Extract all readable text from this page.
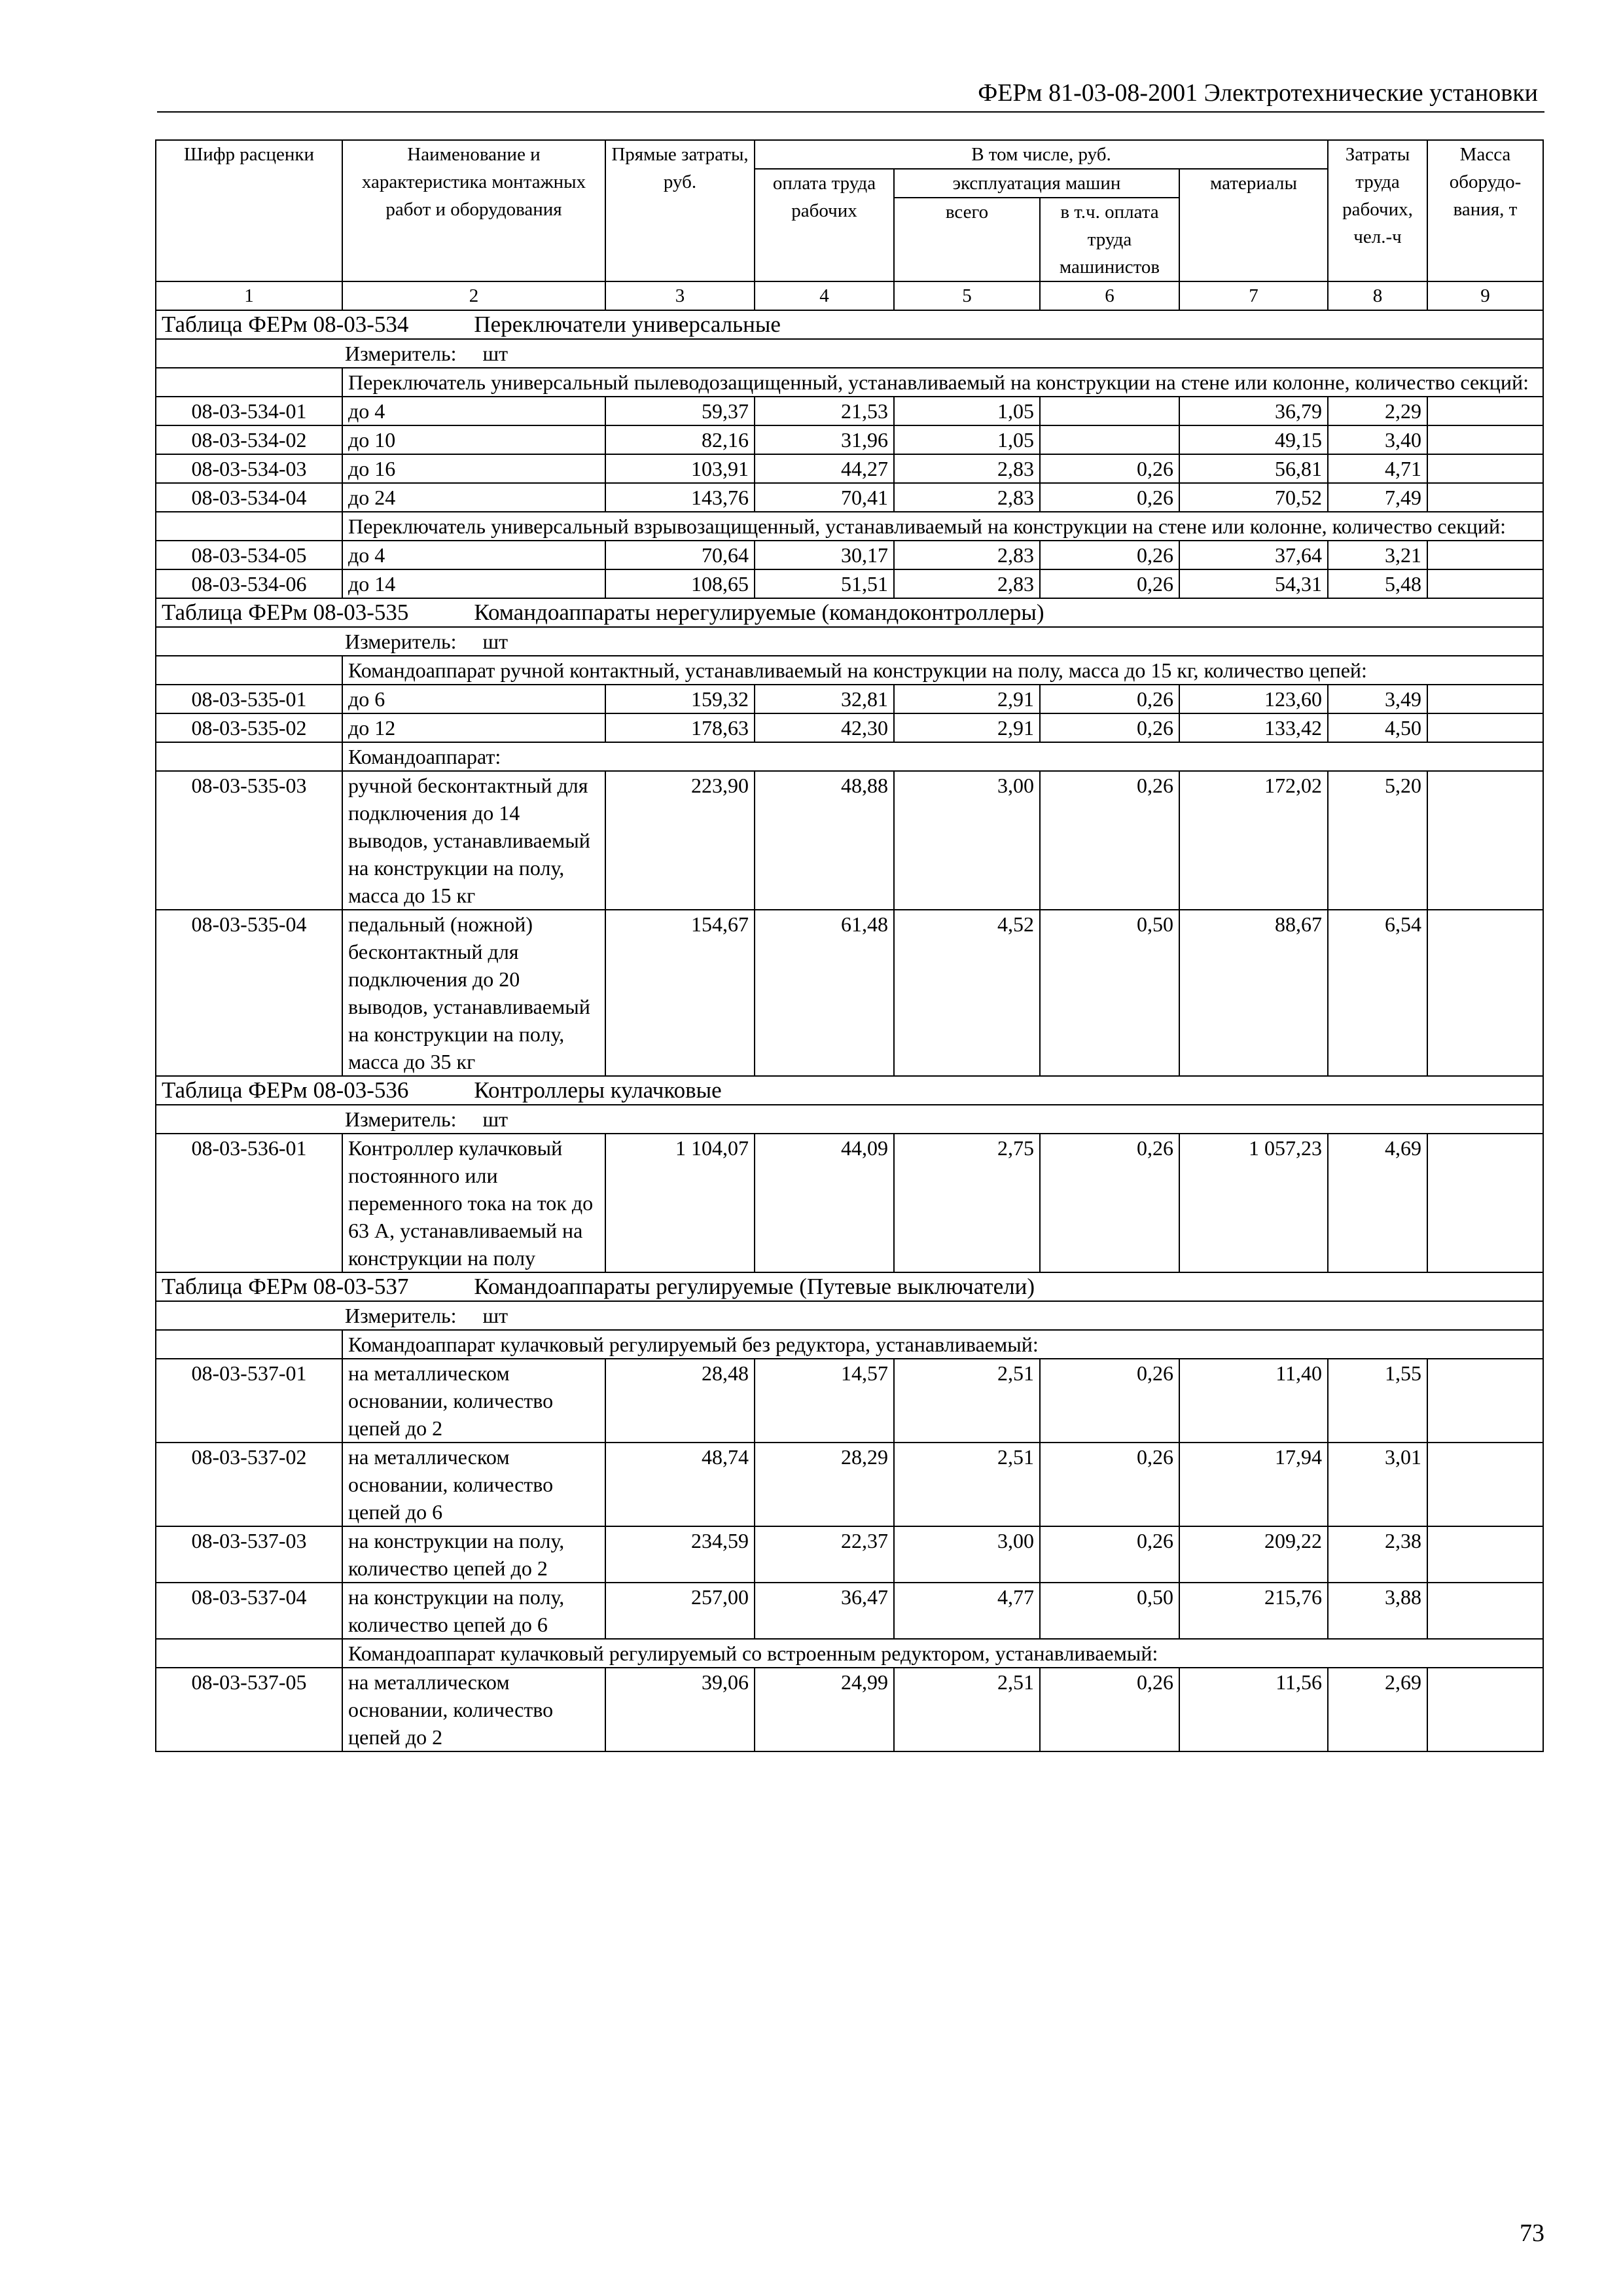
ФЕРм 81-03-08-2001 Электротехнические установки
Шифр расценки	Наименование и характеристика монтажных работ и оборудования	Прямые затраты, руб.	В том числе, руб.				Затраты труда рабочих, чел.-ч	Масса оборудо-вания, т
			оплата труда рабочих	эксплуатация машин		материалы		
				всего	в т.ч. оплата труда машинистов			
1	2	3	4	5	6	7	8	9
Таблица ФЕРм 08-03-534 Переключатели универсальные								
Измеритель: шт								
	Переключатель универсальный пылеводозащищенный, устанавливаемый на конструкции на стене или колонне, количество секций:							
08-03-534-01	до 4	59,37	21,53	1,05		36,79	2,29	
08-03-534-02	до 10	82,16	31,96	1,05		49,15	3,40	
08-03-534-03	до 16	103,91	44,27	2,83	0,26	56,81	4,71	
08-03-534-04	до 24	143,76	70,41	2,83	0,26	70,52	7,49	
	Переключатель универсальный взрывозащищенный, устанавливаемый на конструкции на стене или колонне, количество секций:							
08-03-534-05	до 4	70,64	30,17	2,83	0,26	37,64	3,21	
08-03-534-06	до 14	108,65	51,51	2,83	0,26	54,31	5,48	
Таблица ФЕРм 08-03-535 Командоаппараты нерегулируемые (командоконтроллеры)								
Измеритель: шт								
	Командоаппарат ручной контактный, устанавливаемый на конструкции на полу, масса до 15 кг, количество цепей:							
08-03-535-01	до 6	159,32	32,81	2,91	0,26	123,60	3,49	
08-03-535-02	до 12	178,63	42,30	2,91	0,26	133,42	4,50	
	Командоаппарат:							
08-03-535-03	ручной бесконтактный для подключения до 14 выводов, устанавливаемый на конструкции на полу, масса до 15 кг	223,90	48,88	3,00	0,26	172,02	5,20	
08-03-535-04	педальный (ножной) бесконтактный для подключения до 20 выводов, устанавливаемый на конструкции на полу, масса до 35 кг	154,67	61,48	4,52	0,50	88,67	6,54	
Таблица ФЕРм 08-03-536 Контроллеры кулачковые								
Измеритель: шт								
08-03-536-01	Контроллер кулачковый постоянного или переменного тока на ток до 63 А, устанавливаемый на конструкции на полу	1 104,07	44,09	2,75	0,26	1 057,23	4,69	
Таблица ФЕРм 08-03-537 Командоаппараты регулируемые (Путевые выключатели)								
Измеритель: шт								
	Командоаппарат кулачковый регулируемый без редуктора, устанавливаемый:							
08-03-537-01	на металлическом основании, количество цепей до 2	28,48	14,57	2,51	0,26	11,40	1,55	
08-03-537-02	на металлическом основании, количество цепей до 6	48,74	28,29	2,51	0,26	17,94	3,01	
08-03-537-03	на конструкции на полу, количество цепей до 2	234,59	22,37	3,00	0,26	209,22	2,38	
08-03-537-04	на конструкции на полу, количество цепей до 6	257,00	36,47	4,77	0,50	215,76	3,88	
	Командоаппарат кулачковый регулируемый со встроенным редуктором, устанавливаемый:							
08-03-537-05	на металлическом основании, количество цепей до 2	39,06	24,99	2,51	0,26	11,56	2,69	
73
